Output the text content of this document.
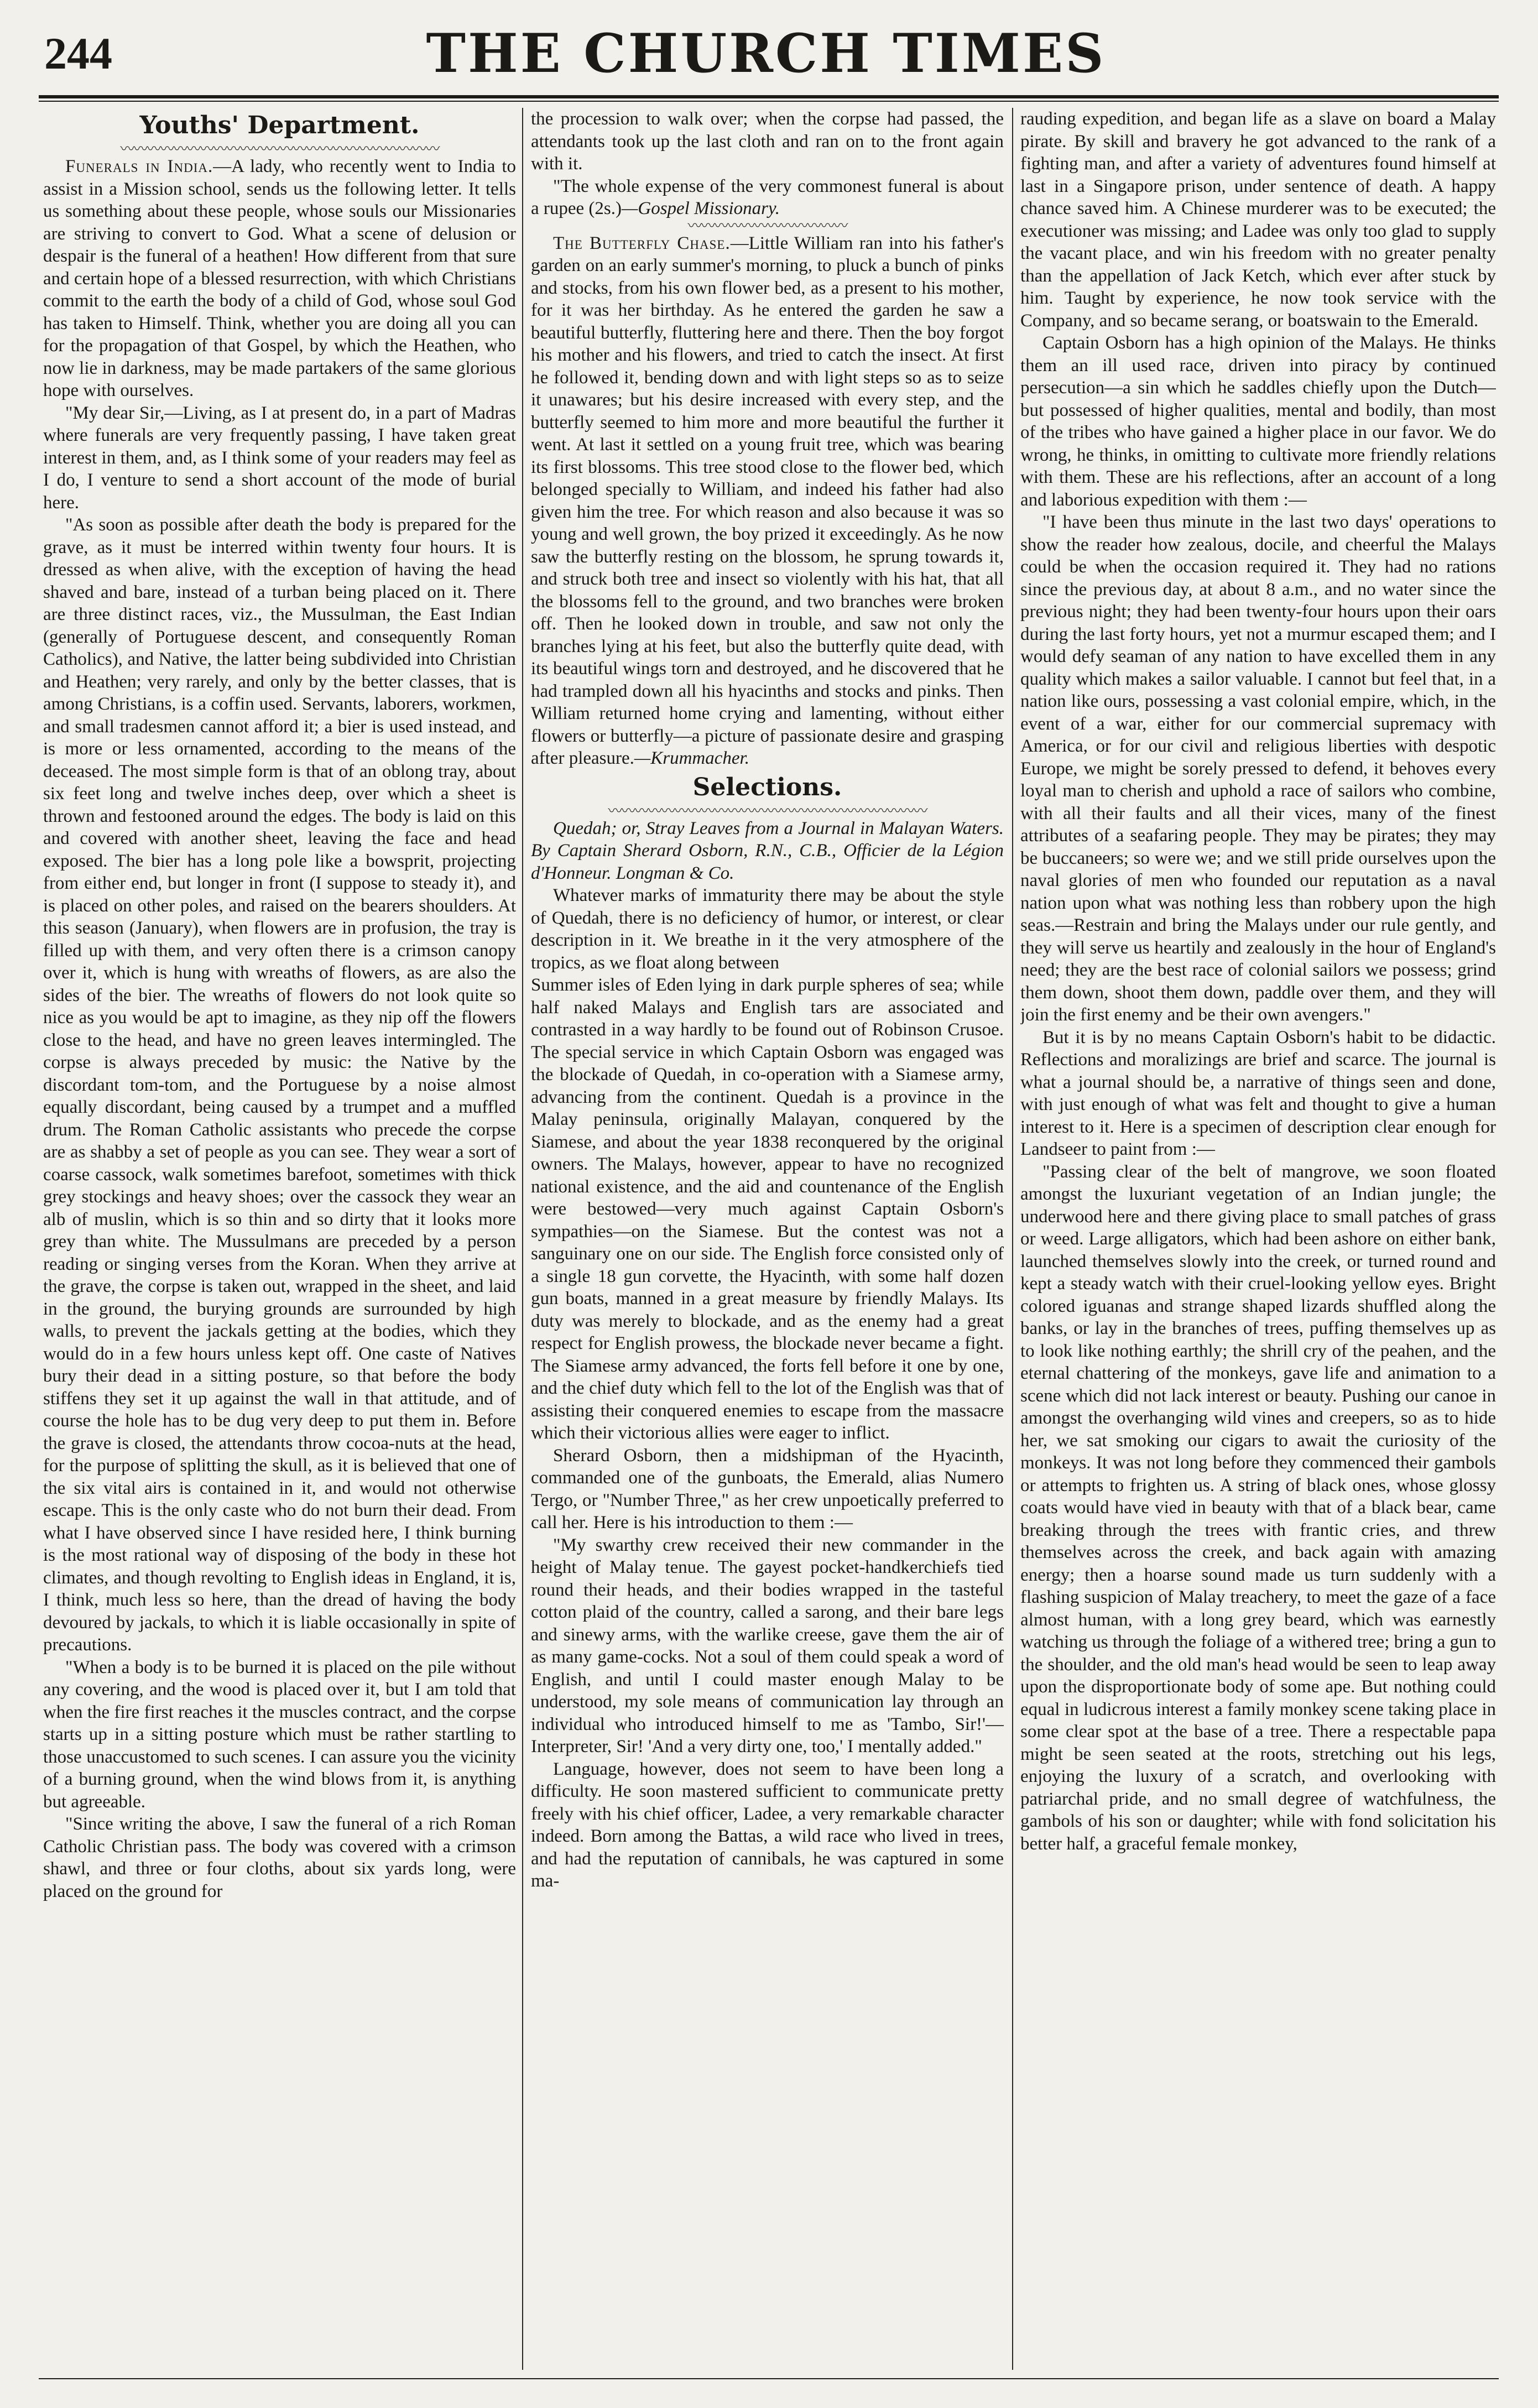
244	THE CHURCH TIMES
Youths' Department.
〰〰〰〰〰〰〰〰〰〰〰〰〰〰〰〰〰〰〰〰〰〰〰〰

Funerals in India.—A lady, who recently went to India to assist in a Mission school, sends us the following letter. It tells us something about these people, whose souls our Missionaries are striving to convert to God. What a scene of delusion or despair is the funeral of a heathen! How different from that sure and certain hope of a blessed resurrection, with which Christians commit to the earth the body of a child of God, whose soul God has taken to Himself. Think, whether you are doing all you can for the propagation of that Gospel, by which the Heathen, who now lie in darkness, may be made partakers of the same glorious hope with ourselves.

"My dear Sir,—Living, as I at present do, in a part of Madras where funerals are very frequently passing, I have taken great interest in them, and, as I think some of your readers may feel as I do, I venture to send a short account of the mode of burial here.

"As soon as possible after death the body is prepared for the grave, as it must be interred within twenty four hours. It is dressed as when alive, with the exception of having the head shaved and bare, instead of a turban being placed on it. There are three distinct races, viz., the Mussulman, the East Indian (generally of Portuguese descent, and consequently Roman Catholics), and Native, the latter being subdivided into Christian and Heathen; very rarely, and only by the better classes, that is among Christians, is a coffin used. Servants, laborers, workmen, and small tradesmen cannot afford it; a bier is used instead, and is more or less ornamented, according to the means of the deceased. The most simple form is that of an oblong tray, about six feet long and twelve inches deep, over which a sheet is thrown and festooned around the edges. The body is laid on this and covered with another sheet, leaving the face and head exposed. The bier has a long pole like a bowsprit, projecting from either end, but longer in front (I suppose to steady it), and is placed on other poles, and raised on the bearers shoulders. At this season (January), when flowers are in profusion, the tray is filled up with them, and very often there is a crimson canopy over it, which is hung with wreaths of flowers, as are also the sides of the bier. The wreaths of flowers do not look quite so nice as you would be apt to imagine, as they nip off the flowers close to the head, and have no green leaves intermingled. The corpse is always preceded by music: the Native by the discordant tom-tom, and the Portuguese by a noise almost equally discordant, being caused by a trumpet and a muffled drum. The Roman Catholic assistants who precede the corpse are as shabby a set of people as you can see. They wear a sort of coarse cassock, walk sometimes barefoot, sometimes with thick grey stockings and heavy shoes; over the cassock they wear an alb of muslin, which is so thin and so dirty that it looks more grey than white. The Mussulmans are preceded by a person reading or singing verses from the Koran. When they arrive at the grave, the corpse is taken out, wrapped in the sheet, and laid in the ground, the burying grounds are surrounded by high walls, to prevent the jackals getting at the bodies, which they would do in a few hours unless kept off. One caste of Natives bury their dead in a sitting posture, so that before the body stiffens they set it up against the wall in that attitude, and of course the hole has to be dug very deep to put them in. Before the grave is closed, the attendants throw cocoa-nuts at the head, for the purpose of splitting the skull, as it is believed that one of the six vital airs is contained in it, and would not otherwise escape. This is the only caste who do not burn their dead. From what I have observed since I have resided here, I think burning is the most rational way of disposing of the body in these hot climates, and though revolting to English ideas in England, it is, I think, much less so here, than the dread of having the body devoured by jackals, to which it is liable occasionally in spite of precautions.

"When a body is to be burned it is placed on the pile without any covering, and the wood is placed over it, but I am told that when the fire first reaches it the muscles contract, and the corpse starts up in a sitting posture which must be rather startling to those unaccustomed to such scenes. I can assure you the vicinity of a burning ground, when the wind blows from it, is anything but agreeable.

"Since writing the above, I saw the funeral of a rich Roman Catholic Christian pass. The body was covered with a crimson shawl, and three or four cloths, about six yards long, were placed on the ground for

the procession to walk over; when the corpse had passed, the attendants took up the last cloth and ran on to the front again with it.

"The whole expense of the very commonest funeral is about a rupee (2s.)—Gospel Missionary.

〰〰〰〰〰〰〰〰〰〰〰〰

The Butterfly Chase.—Little William ran into his father's garden on an early summer's morning, to pluck a bunch of pinks and stocks, from his own flower bed, as a present to his mother, for it was her birthday. As he entered the garden he saw a beautiful butterfly, fluttering here and there. Then the boy forgot his mother and his flowers, and tried to catch the insect. At first he followed it, bending down and with light steps so as to seize it unawares; but his desire increased with every step, and the butterfly seemed to him more and more beautiful the further it went. At last it settled on a young fruit tree, which was bearing its first blossoms. This tree stood close to the flower bed, which belonged specially to William, and indeed his father had also given him the tree. For which reason and also because it was so young and well grown, the boy prized it exceedingly. As he now saw the butterfly resting on the blossom, he sprung towards it, and struck both tree and insect so violently with his hat, that all the blossoms fell to the ground, and two branches were broken off. Then he looked down in trouble, and saw not only the branches lying at his feet, but also the butterfly quite dead, with its beautiful wings torn and destroyed, and he discovered that he had trampled down all his hyacinths and stocks and pinks. Then William returned home crying and lamenting, without either flowers or butterfly—a picture of passionate desire and grasping after pleasure.—Krummacher.

Selections.
〰〰〰〰〰〰〰〰〰〰〰〰〰〰〰〰〰〰〰〰〰〰〰〰

Quedah; or, Stray Leaves from a Journal in Malayan Waters. By Captain Sherard Osborn, R.N., C.B., Officier de la Légion d'Honneur. Longman & Co.

Whatever marks of immaturity there may be about the style of Quedah, there is no deficiency of humor, or interest, or clear description in it. We breathe in it the very atmosphere of the tropics, as we float along between

Summer isles of Eden lying in dark purple spheres of sea; while half naked Malays and English tars are associated and contrasted in a way hardly to be found out of Robinson Crusoe. The special service in which Captain Osborn was engaged was the blockade of Quedah, in co-operation with a Siamese army, advancing from the continent. Quedah is a province in the Malay peninsula, originally Malayan, conquered by the Siamese, and about the year 1838 reconquered by the original owners. The Malays, however, appear to have no recognized national existence, and the aid and countenance of the English were bestowed—very much against Captain Osborn's sympathies—on the Siamese. But the contest was not a sanguinary one on our side. The English force consisted only of a single 18 gun corvette, the Hyacinth, with some half dozen gun boats, manned in a great measure by friendly Malays. Its duty was merely to blockade, and as the enemy had a great respect for English prowess, the blockade never became a fight. The Siamese army advanced, the forts fell before it one by one, and the chief duty which fell to the lot of the English was that of assisting their conquered enemies to escape from the massacre which their victorious allies were eager to inflict.

Sherard Osborn, then a midshipman of the Hyacinth, commanded one of the gunboats, the Emerald, alias Numero Tergo, or "Number Three," as her crew unpoetically preferred to call her. Here is his introduction to them :—

"My swarthy crew received their new commander in the height of Malay tenue. The gayest pocket-handkerchiefs tied round their heads, and their bodies wrapped in the tasteful cotton plaid of the country, called a sarong, and their bare legs and sinewy arms, with the warlike creese, gave them the air of as many game-cocks. Not a soul of them could speak a word of English, and until I could master enough Malay to be understood, my sole means of communication lay through an individual who introduced himself to me as 'Tambo, Sir!'—Interpreter, Sir! 'And a very dirty one, too,' I mentally added."

Language, however, does not seem to have been long a difficulty. He soon mastered sufficient to communicate pretty freely with his chief officer, Ladee, a very remarkable character indeed. Born among the Battas, a wild race who lived in trees, and had the reputation of cannibals, he was captured in some ma-

rauding expedition, and began life as a slave on board a Malay pirate. By skill and bravery he got advanced to the rank of a fighting man, and after a variety of adventures found himself at last in a Singapore prison, under sentence of death. A happy chance saved him. A Chinese murderer was to be executed; the executioner was missing; and Ladee was only too glad to supply the vacant place, and win his freedom with no greater penalty than the appellation of Jack Ketch, which ever after stuck by him. Taught by experience, he now took service with the Company, and so became serang, or boatswain to the Emerald.

Captain Osborn has a high opinion of the Malays. He thinks them an ill used race, driven into piracy by continued persecution—a sin which he saddles chiefly upon the Dutch—but possessed of higher qualities, mental and bodily, than most of the tribes who have gained a higher place in our favor. We do wrong, he thinks, in omitting to cultivate more friendly relations with them. These are his reflections, after an account of a long and laborious expedition with them :—

"I have been thus minute in the last two days' operations to show the reader how zealous, docile, and cheerful the Malays could be when the occasion required it. They had no rations since the previous day, at about 8 a.m., and no water since the previous night; they had been twenty-four hours upon their oars during the last forty hours, yet not a murmur escaped them; and I would defy seaman of any nation to have excelled them in any quality which makes a sailor valuable. I cannot but feel that, in a nation like ours, possessing a vast colonial empire, which, in the event of a war, either for our commercial supremacy with America, or for our civil and religious liberties with despotic Europe, we might be sorely pressed to defend, it behoves every loyal man to cherish and uphold a race of sailors who combine, with all their faults and all their vices, many of the finest attributes of a seafaring people. They may be pirates; they may be buccaneers; so were we; and we still pride ourselves upon the naval glories of men who founded our reputation as a naval nation upon what was nothing less than robbery upon the high seas.—Restrain and bring the Malays under our rule gently, and they will serve us heartily and zealously in the hour of England's need; they are the best race of colonial sailors we possess; grind them down, shoot them down, paddle over them, and they will join the first enemy and be their own avengers."

But it is by no means Captain Osborn's habit to be didactic. Reflections and moralizings are brief and scarce. The journal is what a journal should be, a narrative of things seen and done, with just enough of what was felt and thought to give a human interest to it. Here is a specimen of description clear enough for Landseer to paint from :—

"Passing clear of the belt of mangrove, we soon floated amongst the luxuriant vegetation of an Indian jungle; the underwood here and there giving place to small patches of grass or weed. Large alligators, which had been ashore on either bank, launched themselves slowly into the creek, or turned round and kept a steady watch with their cruel-looking yellow eyes. Bright colored iguanas and strange shaped lizards shuffled along the banks, or lay in the branches of trees, puffing themselves up as to look like nothing earthly; the shrill cry of the peahen, and the eternal chattering of the monkeys, gave life and animation to a scene which did not lack interest or beauty. Pushing our canoe in amongst the overhanging wild vines and creepers, so as to hide her, we sat smoking our cigars to await the curiosity of the monkeys. It was not long before they commenced their gambols or attempts to frighten us. A string of black ones, whose glossy coats would have vied in beauty with that of a black bear, came breaking through the trees with frantic cries, and threw themselves across the creek, and back again with amazing energy; then a hoarse sound made us turn suddenly with a flashing suspicion of Malay treachery, to meet the gaze of a face almost human, with a long grey beard, which was earnestly watching us through the foliage of a withered tree; bring a gun to the shoulder, and the old man's head would be seen to leap away upon the disproportionate body of some ape. But nothing could equal in ludicrous interest a family monkey scene taking place in some clear spot at the base of a tree. There a respectable papa might be seen seated at the roots, stretching out his legs, enjoying the luxury of a scratch, and overlooking with patriarchal pride, and no small degree of watchfulness, the gambols of his son or daughter; while with fond solicitation his better half, a graceful female monkey,
